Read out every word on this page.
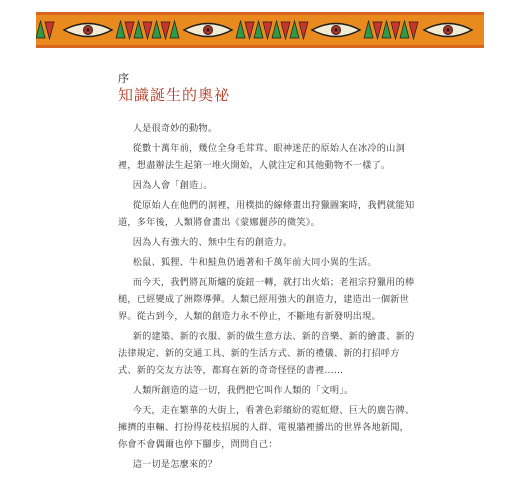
序
知識誕生的奧祕

人是很奇妙的動物。

從數十萬年前，幾位全身毛茸茸、眼神迷茫的原始人在冰冷的山洞裡，想盡辦法生起第一堆火開始，人就注定和其他動物不一樣了。

因為人會「創造」。

從原始人在他們的洞裡，用樸拙的線條畫出狩獵圖案時，我們就能知道，多年後，人類將會畫出《蒙娜麗莎的微笑》。

因為人有強大的、無中生有的創造力。

松鼠、狐狸、牛和鮭魚仍過著和千萬年前大同小異的生活。

而今天，我們將瓦斯爐的旋鈕一轉，就打出火焰；老祖宗狩獵用的棒槌，已經變成了洲際導彈。人類已經用強大的創造力，建造出一個新世界。從古到今，人類的創造力永不停止，不斷地有新發明出現。

新的建築、新的衣服、新的做生意方法、新的音樂、新的繪畫、新的法律規定、新的交通工具、新的生活方式、新的禮儀、新的打招呼方式、新的交友方法等，都寫在新的奇奇怪怪的書裡……

人類所創造的這一切，我們把它叫作人類的「文明」。

今天，走在繁華的大街上，看著色彩繽紛的霓虹燈、巨大的廣告牌、擁擠的車輛、打扮得花枝招展的人群、電視牆裡播出的世界各地新聞，你會不會偶爾也停下腳步，問問自己：

這一切是怎麼來的？
